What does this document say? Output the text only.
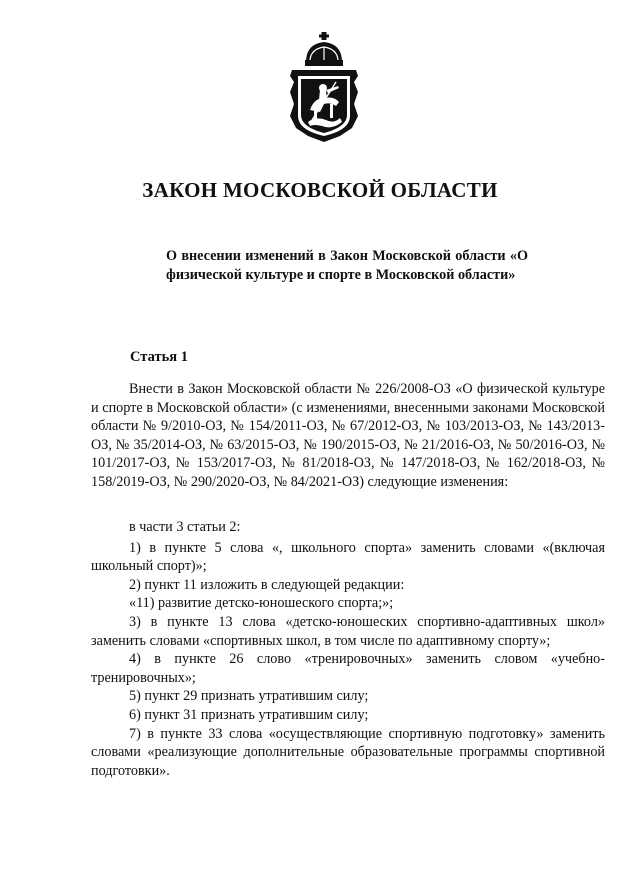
ЗАКОН МОСКОВСКОЙ ОБЛАСТИ
О внесении изменений в Закон Московской области «О физической культуре и спорте в Московской области»
Статья 1
Внести в Закон Московской области № 226/2008-ОЗ «О физической культуре и спорте в Московской области» (с изменениями, внесенными законами Московской области № 9/2010-ОЗ, № 154/2011-ОЗ, № 67/2012-ОЗ, № 103/2013-ОЗ, № 143/2013-ОЗ, № 35/2014-ОЗ, № 63/2015-ОЗ, № 190/2015-ОЗ, № 21/2016-ОЗ, № 50/2016-ОЗ, № 101/2017-ОЗ, № 153/2017-ОЗ, № 81/2018-ОЗ, № 147/2018-ОЗ, № 162/2018-ОЗ, № 158/2019-ОЗ, № 290/2020-ОЗ, № 84/2021-ОЗ) следующие изменения:

в части 3 статьи 2:

1) в пункте 5 слова «, школьного спорта» заменить словами «(включая школьный спорт)»;

2) пункт 11 изложить в следующей редакции:

«11) развитие детско-юношеского спорта;»;

3) в пункте 13 слова «детско-юношеских спортивно-адаптивных школ» заменить словами «спортивных школ, в том числе по адаптивному спорту»;

4) в пункте 26 слово «тренировочных» заменить словом «учебно-тренировочных»;

5) пункт 29 признать утратившим силу;

6) пункт 31 признать утратившим силу;

7) в пункте 33 слова «осуществляющие спортивную подготовку» заменить словами «реализующие дополнительные образовательные программы спортивной подготовки».
